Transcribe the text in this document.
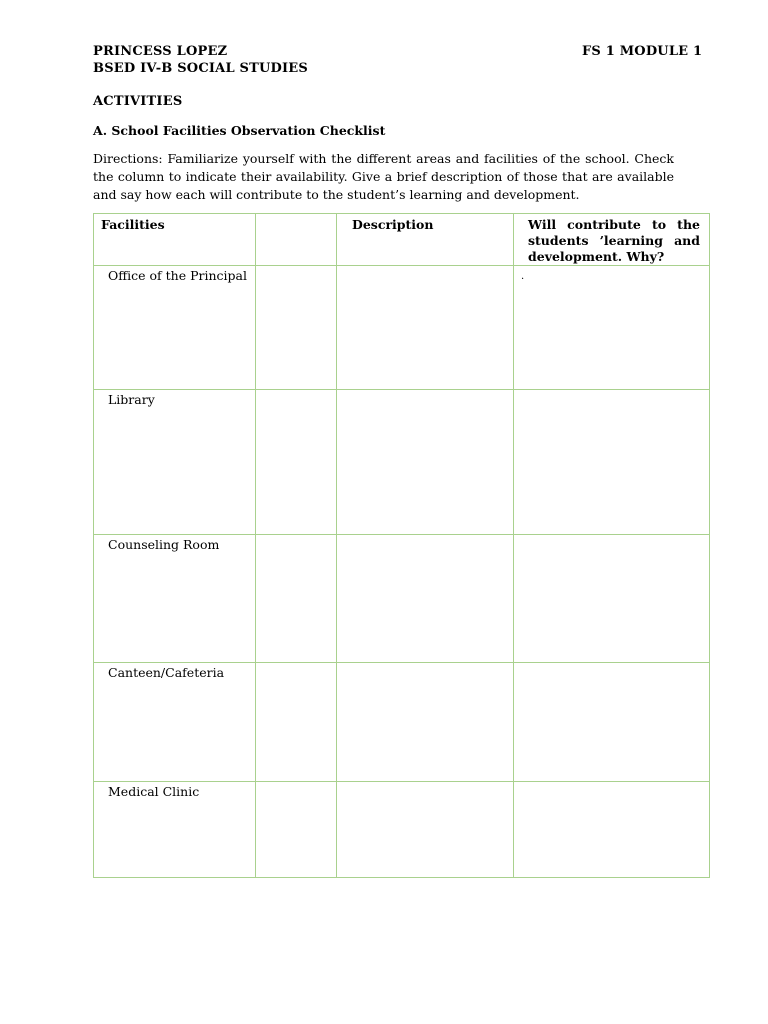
PRINCESS LOPEZ	FS 1 MODULE 1
BSED IV-B SOCIAL STUDIES
ACTIVITIES
A. School Facilities Observation Checklist
Directions: Familiarize yourself with the different areas and facilities of the school. Check the column to indicate their availability. Give a brief description of those that are available and say how each will contribute to the student’s learning and development.
Facilities		Description	Will contribute to the students ’learning and development. Why?
Office of the Principal			.
Library			
Counseling Room			
Canteen/Cafeteria			
Medical Clinic			
